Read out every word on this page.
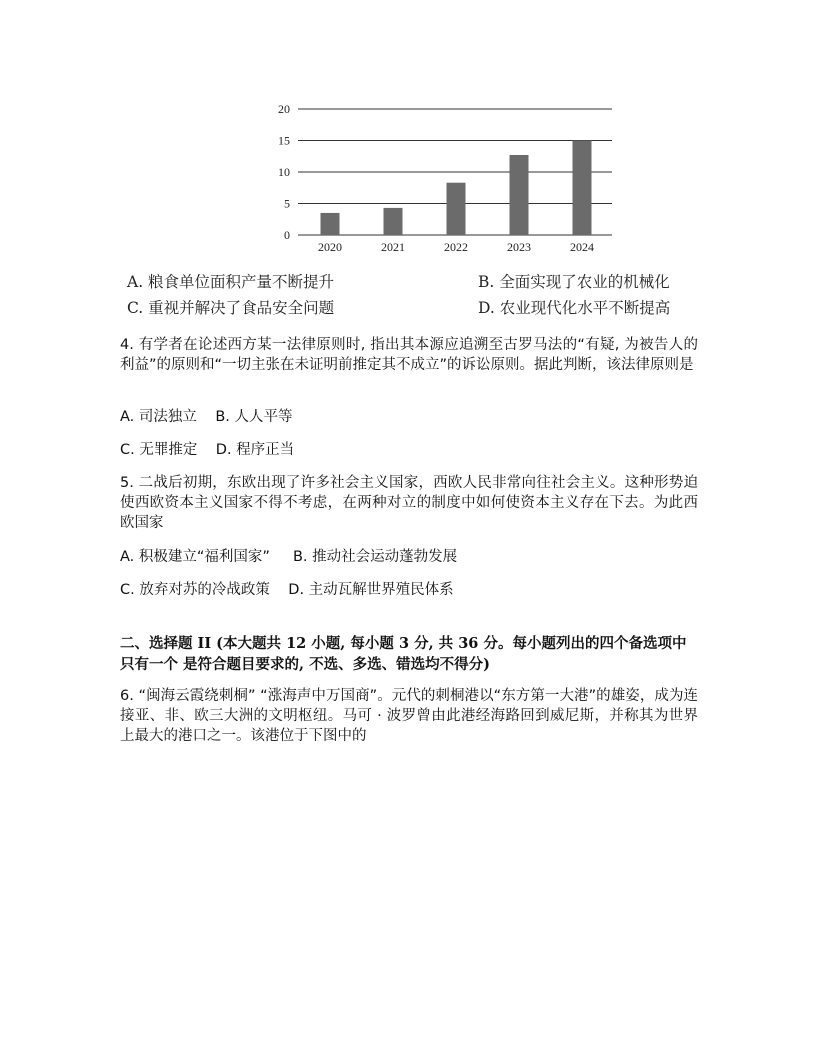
0
5
10
15
20
2020	2021	2022	2023	2024
A. 粮食单位面积产量不断提升	B. 全面实现了农业的机械化
C. 重视并解决了食品安全问题	D. 农业现代化水平不断提高
4. 有学者在论述西方某一法律原则时, 指出其本源应追溯至古罗马法的“有疑, 为被告人的利益”的原则和“一切主张在未证明前推定其不成立”的诉讼原则。据此判断，该法律原则是
A. 司法独立    B. 人人平等
C. 无罪推定    D. 程序正当
5. 二战后初期，东欧出现了许多社会主义国家，西欧人民非常向往社会主义。这种形势迫使西欧资本主义国家不得不考虑，在两种对立的制度中如何使资本主义存在下去。为此西欧国家
A. 积极建立“福利国家”     B. 推动社会运动蓬勃发展
C. 放弃对苏的冷战政策    D. 主动瓦解世界殖民体系
二、选择题 II (本大题共 12 小题, 每小题 3 分, 共 36 分。每小题列出的四个备选项中只有一个 是符合题目要求的, 不选、多选、错选均不得分)
6. “闽海云霞绕刺桐” “涨海声中万国商”。元代的刺桐港以“东方第一大港”的雄姿，成为连接亚、非、欧三大洲的文明枢纽。马可 · 波罗曾由此港经海路回到威尼斯，并称其为世界上最大的港口之一。该港位于下图中的
